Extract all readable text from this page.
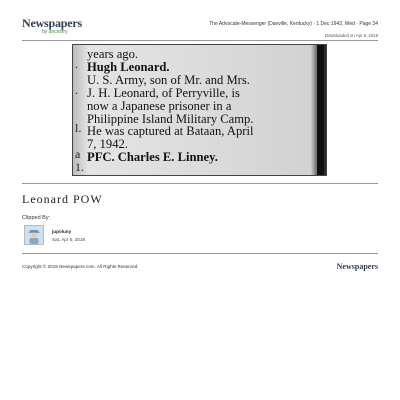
Newspapers
by ancestry
The Advocate-Messenger (Danville, Kentucky) · 1 Dec 1943, Wed · Page 34
Downloaded on Apr 6, 2019

.

.

l.

a
1.

years ago.
Hugh Leonard.
U. S. Army, son of Mr. and Mrs.
J. H. Leonard, of Perryville, is
now a Japanese prisoner in a
Philippine Island Military Camp.
He was captured at Bataan, April
7, 1942.
PFC. Charles E. Linney.
Leonard POW
Clipped By:
jupoluny
Sat, Apr 6, 2019
Copyright © 2019 Newspapers.com. All Rights Reserved.	Newspapers
